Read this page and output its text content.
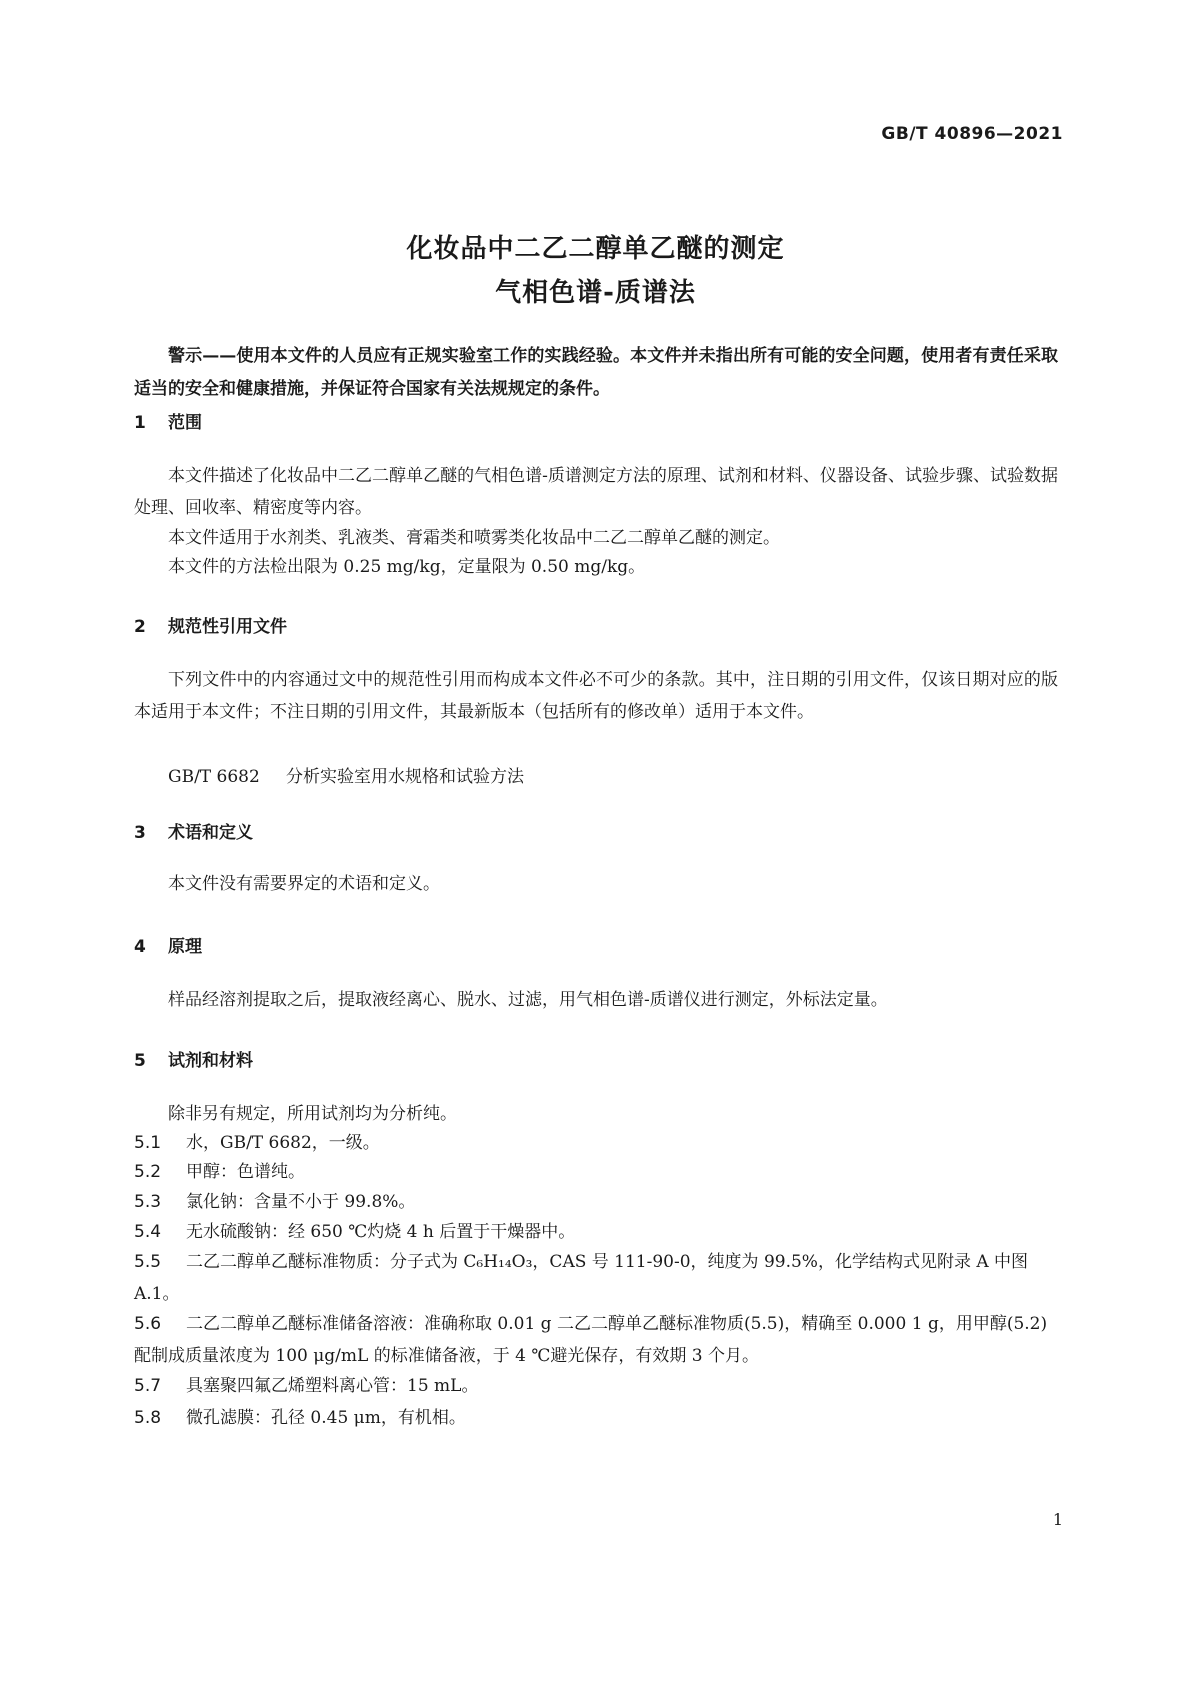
GB/T 40896—2021
化妆品中二乙二醇单乙醚的测定
气相色谱-质谱法
警示——使用本文件的人员应有正规实验室工作的实践经验。本文件并未指出所有可能的安全问题，使用者有责任采取适当的安全和健康措施，并保证符合国家有关法规规定的条件。
1 范围
本文件描述了化妆品中二乙二醇单乙醚的气相色谱-质谱测定方法的原理、试剂和材料、仪器设备、试验步骤、试验数据处理、回收率、精密度等内容。
本文件适用于水剂类、乳液类、膏霜类和喷雾类化妆品中二乙二醇单乙醚的测定。
本文件的方法检出限为 0.25 mg/kg，定量限为 0.50 mg/kg。
2 规范性引用文件
下列文件中的内容通过文中的规范性引用而构成本文件必不可少的条款。其中，注日期的引用文件，仅该日期对应的版本适用于本文件；不注日期的引用文件，其最新版本（包括所有的修改单）适用于本文件。
GB/T 6682 分析实验室用水规格和试验方法
3 术语和定义
本文件没有需要界定的术语和定义。
4 原理
样品经溶剂提取之后，提取液经离心、脱水、过滤，用气相色谱-质谱仪进行测定，外标法定量。
5 试剂和材料
除非另有规定，所用试剂均为分析纯。
5.1 水，GB/T 6682，一级。
5.2 甲醇：色谱纯。
5.3 氯化钠：含量不小于 99.8%。
5.4 无水硫酸钠：经 650 ℃灼烧 4 h 后置于干燥器中。
5.5 二乙二醇单乙醚标准物质：分子式为 C₆H₁₄O₃，CAS 号 111-90-0，纯度为 99.5%，化学结构式见附录 A 中图 A.1。
5.6 二乙二醇单乙醚标准储备溶液：准确称取 0.01 g 二乙二醇单乙醚标准物质(5.5)，精确至 0.000 1 g，用甲醇(5.2)配制成质量浓度为 100 μg/mL 的标准储备液，于 4 ℃避光保存，有效期 3 个月。
5.7 具塞聚四氟乙烯塑料离心管：15 mL。
5.8 微孔滤膜：孔径 0.45 μm，有机相。
1
